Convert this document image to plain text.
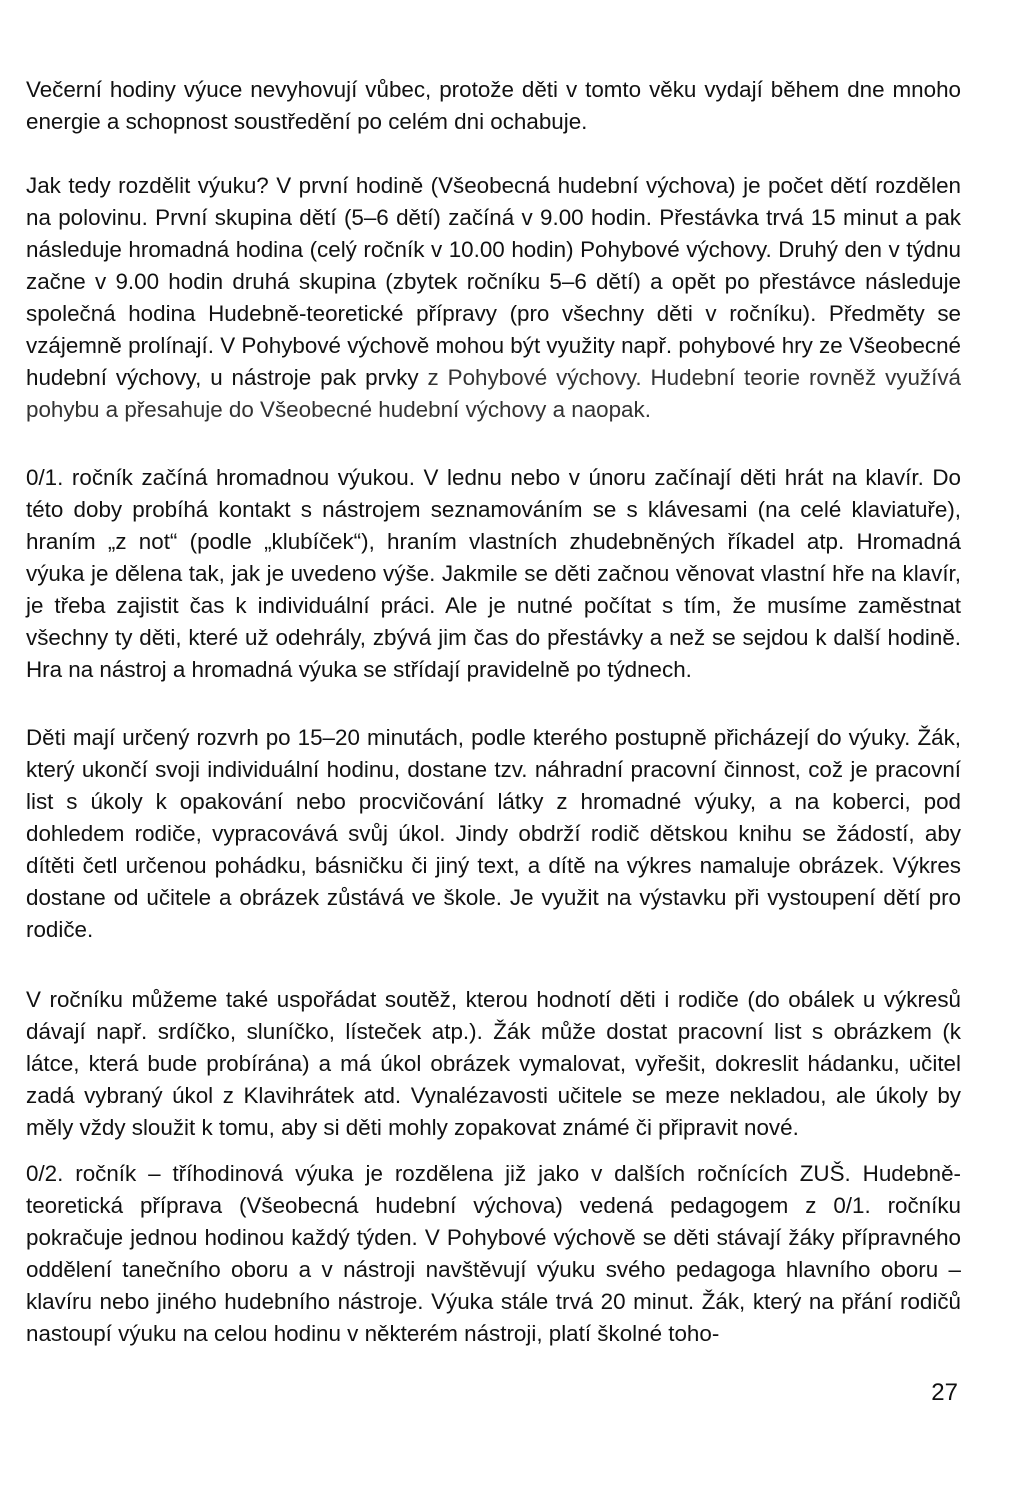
Večerní hodiny výuce nevyhovují vůbec, protože děti v tomto věku vydají během dne mnoho energie a schopnost soustředění po celém dni ochabuje.

Jak tedy rozdělit výuku? V první hodině (Všeobecná hudební výchova) je počet dětí rozdělen na polovinu. První skupina dětí (5–6 dětí) začíná v 9.00 hodin. Přestávka trvá 15 minut a pak následuje hromadná hodina (celý ročník v 10.00 hodin) Pohybové výchovy. Druhý den v týdnu začne v 9.00 hodin druhá skupina (zbytek ročníku 5–6 dětí) a opět po přestávce následuje společná hodina Hudebně-teoretické přípravy (pro všechny děti v ročníku). Předměty se vzájemně prolínají. V Pohybové výchově mohou být využity např. pohybové hry ze Všeobecné hudební výchovy, u nástroje pak prvky z Pohybové výchovy. Hudební teorie rovněž využívá pohybu a přesahuje do Všeobecné hudební výchovy a naopak.

0/1. ročník začíná hromadnou výukou. V lednu nebo v únoru začínají děti hrát na klavír. Do této doby probíhá kontakt s nástrojem seznamováním se s klávesami (na celé klaviatuře), hraním „z not“ (podle „klubíček“), hraním vlastních zhudebněných říkadel atp. Hromadná výuka je dělena tak, jak je uvedeno výše. Jakmile se děti začnou věnovat vlastní hře na klavír, je třeba zajistit čas k individuální práci. Ale je nutné počítat s tím, že musíme zaměstnat všechny ty děti, které už odehrály, zbývá jim čas do přestávky a než se sejdou k další hodině. Hra na nástroj a hromadná výuka se střídají pravidelně po týdnech.

Děti mají určený rozvrh po 15–20 minutách, podle kterého postupně přicházejí do výuky. Žák, který ukončí svoji individuální hodinu, dostane tzv. náhradní pracovní činnost, což je pracovní list s úkoly k opakování nebo procvičování látky z hromadné výuky, a na koberci, pod dohledem rodiče, vypracovává svůj úkol. Jindy obdrží rodič dětskou knihu se žádostí, aby dítěti četl určenou pohádku, básničku či jiný text, a dítě na výkres namaluje obrázek. Výkres dostane od učitele a obrázek zůstává ve škole. Je využit na výstavku při vystoupení dětí pro rodiče.

V ročníku můžeme také uspořádat soutěž, kterou hodnotí děti i rodiče (do obálek u výkresů dávají např. srdíčko, sluníčko, lísteček atp.). Žák může dostat pracovní list s obrázkem (k látce, která bude probírána) a má úkol obrázek vymalovat, vyřešit, dokreslit hádanku, učitel zadá vybraný úkol z Klavihrátek atd. Vynalézavosti učitele se meze nekladou, ale úkoly by měly vždy sloužit k tomu, aby si děti mohly zopakovat známé či připravit nové.

0/2. ročník – tříhodinová výuka je rozdělena již jako v dalších ročnících ZUŠ. Hudebně-teoretická příprava (Všeobecná hudební výchova) vedená pedagogem z 0/1. ročníku pokračuje jednou hodinou každý týden. V Pohybové výchově se děti stávají žáky přípravného oddělení tanečního oboru a v nástroji navštěvují výuku svého pedagoga hlavního oboru – klavíru nebo jiného hudebního nástroje. Výuka stále trvá 20 minut. Žák, který na přání rodičů nastoupí výuku na celou hodinu v některém nástroji, platí školné toho-

27
